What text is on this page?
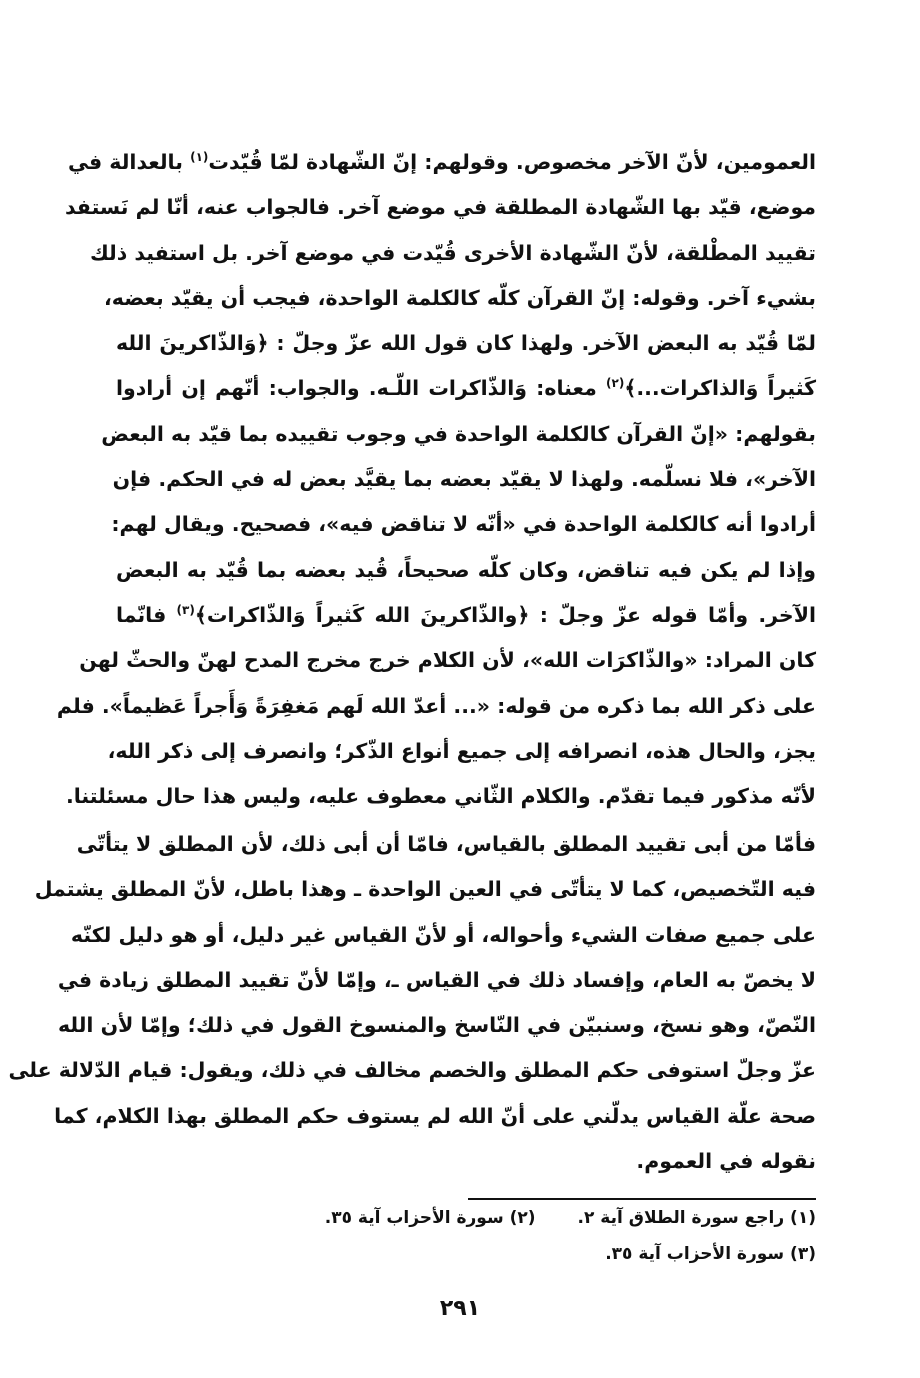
العمومين، لأنّ الآخر مخصوص. وقولهم: إنّ الشّهادة لمّا قُيّدت$^{(١)}$ بالعدالة في
موضع، قيّد بها الشّهادة المطلقة في موضع آخر. فالجواب عنه، أنّا لم نَستفد
تقييد المطْلقة، لأنّ الشّهادة الأخرى قُيّدت في موضع آخر. بل استفيد ذلك
بشيء آخر. وقوله: إنّ القرآن كلّه كالكلمة الواحدة، فيجب أن يقيّد بعضه،
لمّا قُيّد به البعض الآخر. ولهذا كان قول الله عزّ وجلّ : ﴿وَالذّاكرينَ الله
كَثيراً وَالذاكرات...﴾$^{(٢)}$ معناه: وَالذّاكرات اللّـه. والجواب: أنّهم إن أرادوا
بقولهم: «إنّ القرآن كالكلمة الواحدة في وجوب تقييده بما قيّد به البعض
الآخر»، فلا نسلّمه. ولهذا لا يقيّد بعضه بما يقيَّد بعض له في الحكم. فإن
أرادوا أنه كالكلمة الواحدة في «أنّه لا تناقض فيه»، فصحيح. ويقال لهم:
وإذا لم يكن فيه تناقض، وكان كلّه صحيحاً، قُيد بعضه بما قُيّد به البعض
الآخر. وأمّا قوله عزّ وجلّ : ﴿والذّاكرينَ الله كَثيراً وَالذّاكرات﴾$^{(٣)}$ فانّما
كان المراد: «والذّاكرَات الله»، لأن الكلام خرج مخرج المدح لهنّ والحثّ لهن
على ذكر الله بما ذكره من قوله: «... أعدّ الله لَهم مَغفِرَةً وَأَجراً عَظيماً». فلم
يجز، والحال هذه، انصرافه إلى جميع أنواع الذّكر؛ وانصرف إلى ذكر الله،
لأنّه مذكور فيما تقدّم. والكلام الثّاني معطوف عليه، وليس هذا حال مسئلتنا.
فأمّا من أبى تقييد المطلق بالقياس، فامّا أن أبى ذلك، لأن المطلق لا يتأتّى
فيه التّخصيص، كما لا يتأتّى في العين الواحدة ـ وهذا باطل، لأنّ المطلق يشتمل
على جميع صفات الشيء وأحواله، أو لأنّ القياس غير دليل، أو هو دليل لكنّه
لا يخصّ به العام، وإفساد ذلك في القياس ـ، وإمّا لأنّ تقييد المطلق زيادة في
النّصّ، وهو نسخ، وسنبيّن في النّاسخ والمنسوخ القول في ذلك؛ وإمّا لأن الله
عزّ وجلّ استوفى حكم المطلق والخصم مخالف في ذلك، ويقول: قيام الدّلالة على
صحة علّة القياس يدلّني على أنّ الله لم يستوف حكم المطلق بهذا الكلام، كما
نقوله في العموم.
(١) راجع سورة الطلاق آية ٢.(٢) سورة الأحزاب آية ٣٥.
(٣) سورة الأحزاب آية ٣٥.
٢٩١
